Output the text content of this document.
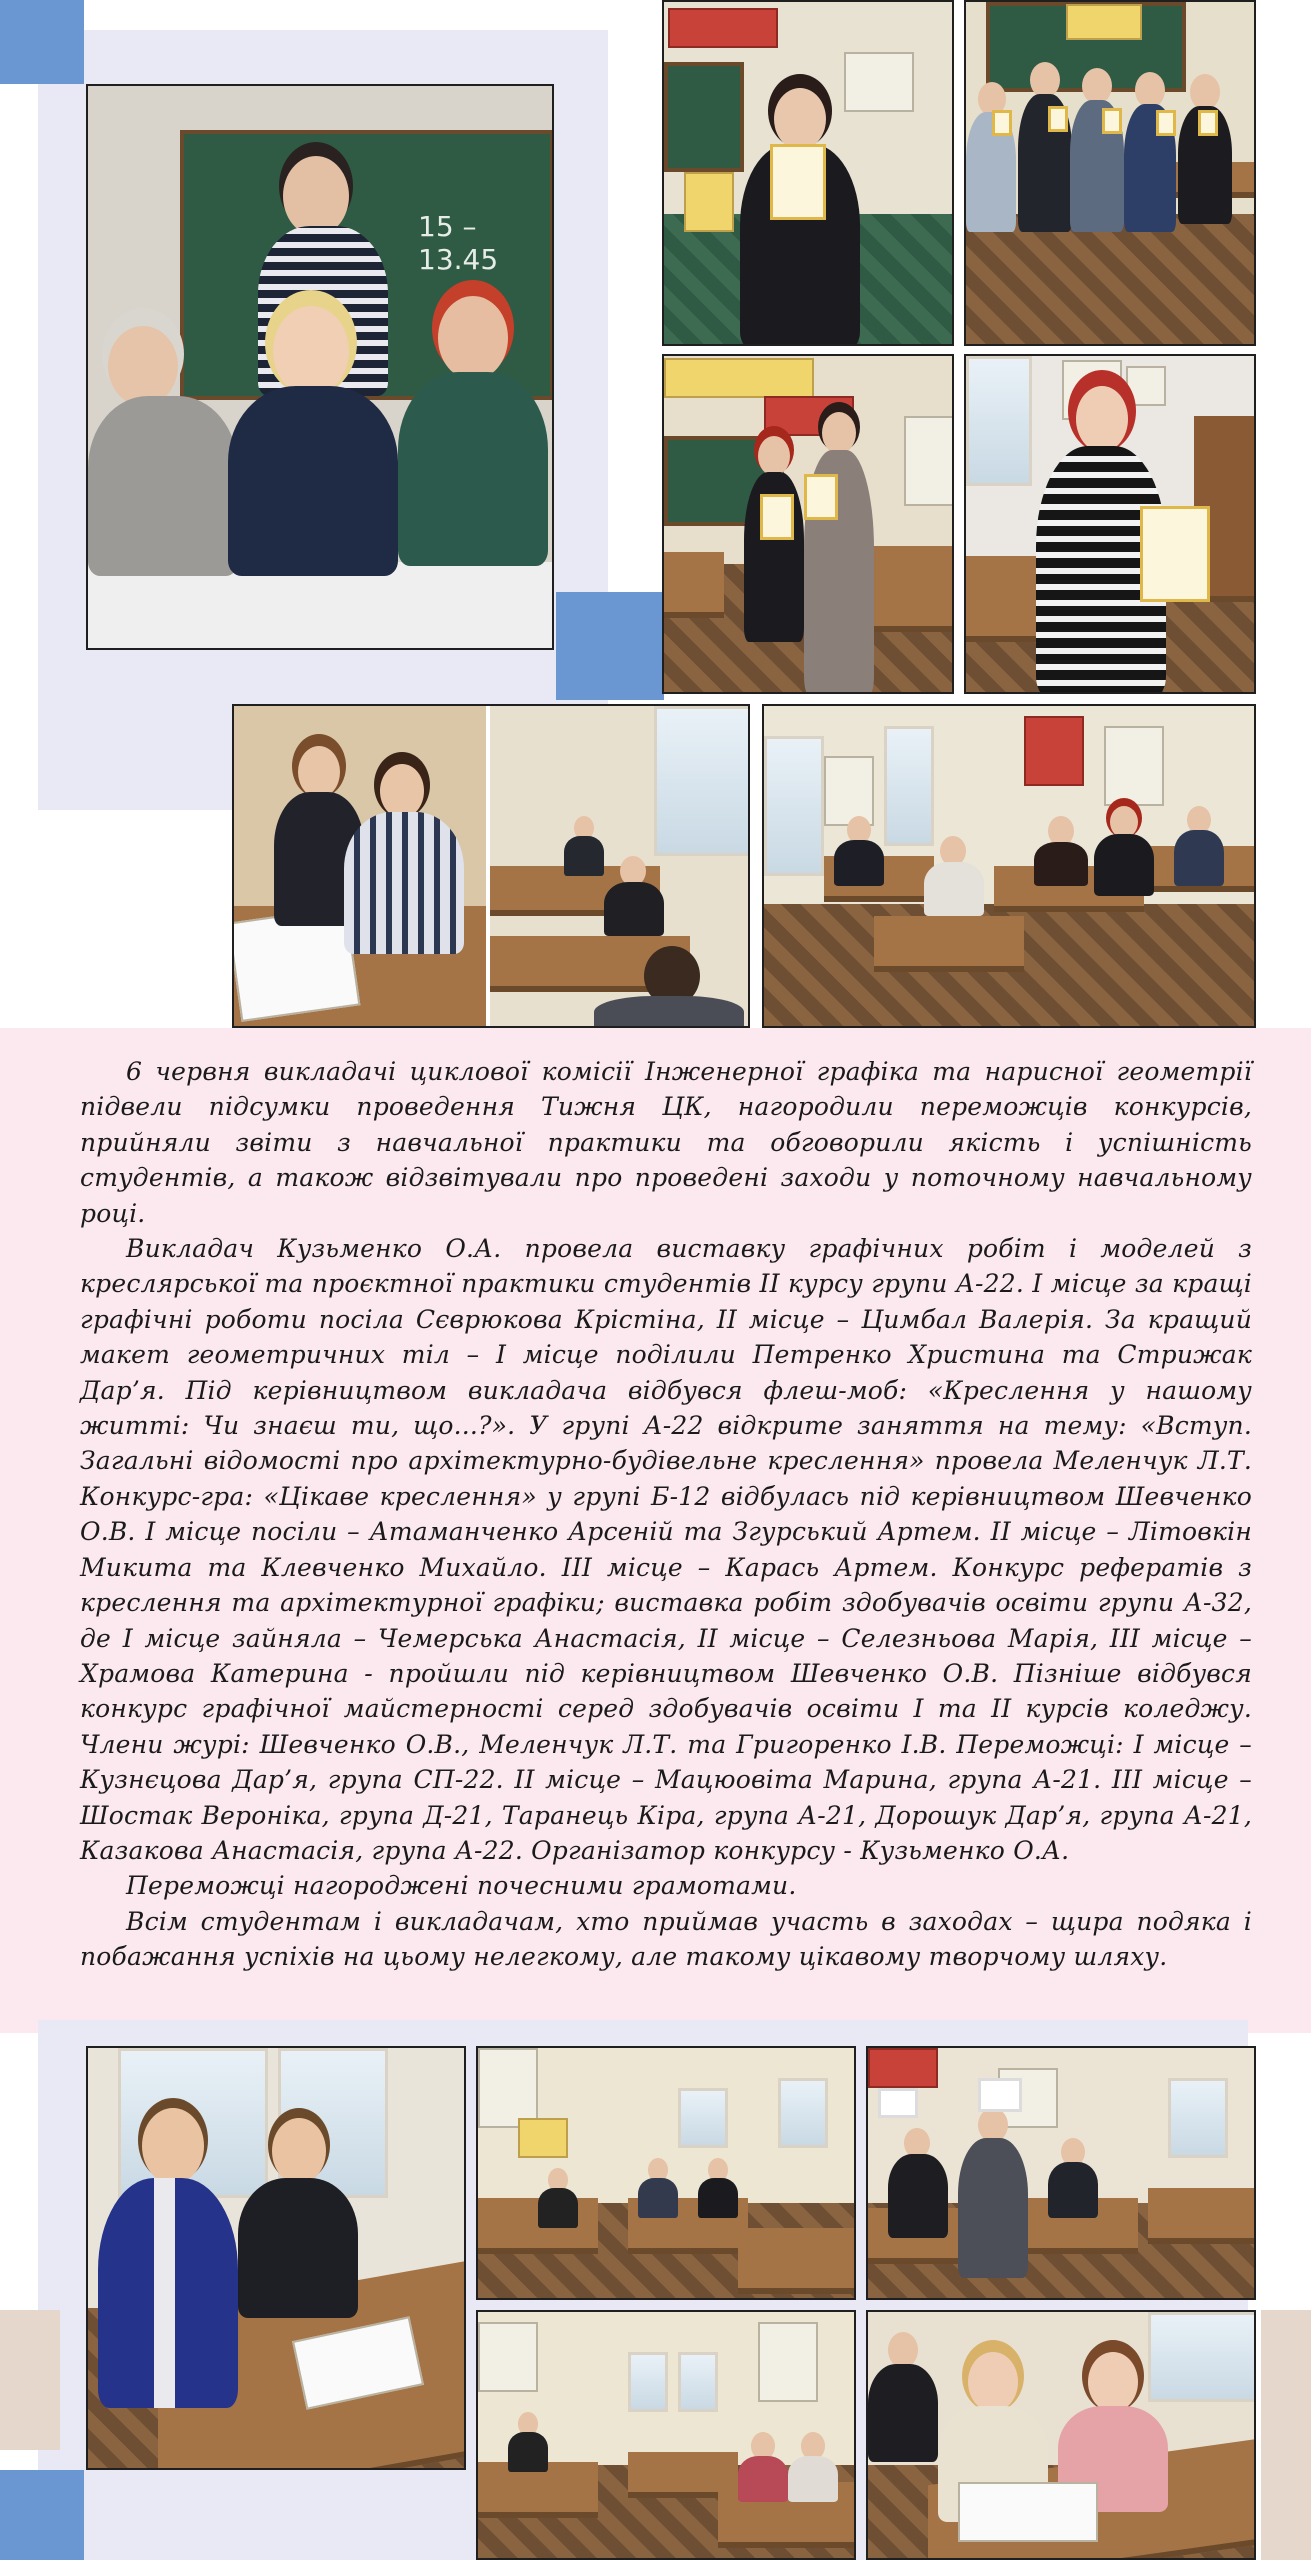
15 – 13.45

6 червня викладачі циклової комісії Інженерної графіка та нарисної геометрії підвели підсумки проведення Тижня ЦК, нагородили переможців конкурсів, прийняли звіти з навчальної практики та обговорили якість і успішність студентів, а також відзвітували про проведені заходи у поточному навчальному році.

Викладач Кузьменко О.А. провела виставку графічних робіт і моделей з креслярської та проєктної практики студентів ІІ курсу групи А-22. І місце за кращі графічні роботи посіла Сєврюкова Крістіна, ІІ місце – Цимбал Валерія. За кращий макет геометричних тіл – І місце поділили Петренко Христина та Стрижак Дар’я. Під керівництвом викладача відбувся флеш-моб: «Креслення у нашому житті: Чи знаєш ти, що...?». У групі А-22 відкрите заняття на тему: «Вступ. Загальні відомості про архітектурно-будівельне креслення» провела Меленчук Л.Т. Конкурс-гра: «Цікаве креслення» у групі Б-12 відбулась під керівництвом Шевченко О.В. І місце посіли – Атаманченко Арсеній та Згурський Артем. ІІ місце – Літовкін Микита та Клевченко Михайло. ІІІ місце – Карась Артем. Конкурс рефератів з креслення та архітектурної графіки; виставка робіт здобувачів освіти групи А-32, де І місце зайняла – Чемерська Анастасія, ІІ місце – Селезньова Марія, ІІІ місце – Храмова Катерина - пройшли під керівництвом Шевченко О.В. Пізніше відбувся конкурс графічної майстерності серед здобувачів освіти І та ІІ курсів коледжу. Члени журі: Шевченко О.В., Меленчук Л.Т. та Григоренко І.В. Переможці: І місце – Кузнєцова Дар’я, група СП-22. ІІ місце – Мацюовіта Марина, група А-21. ІІІ місце – Шостак Вероніка, група Д-21, Таранець Кіра, група А-21, Дорошук Дар’я, група А-21, Казакова Анастасія, група А-22. Організатор конкурсу - Кузьменко О.А.

Переможці нагороджені почесними грамотами.

Всім студентам і викладачам, хто приймав участь в заходах – щира подяка і побажання успіхів на цьому нелегкому, але такому цікавому творчому шляху.
